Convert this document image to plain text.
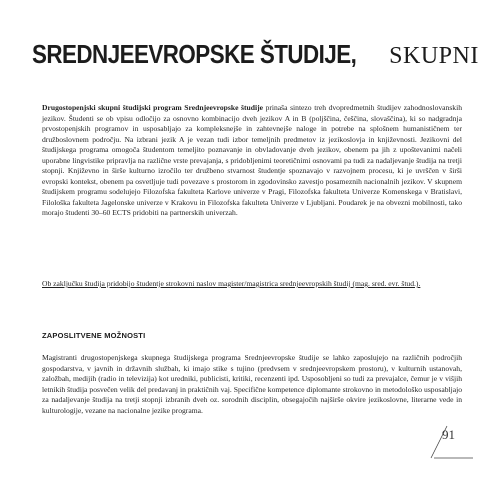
SREDNJEEVROPSKE ŠTUDIJE, SKUPNI
Drugostopenjski skupni študijski program Srednjeevropske študije prinaša sintezo treh dvopredmetnih študijev zahodnoslovanskih jezikov. Študenti se ob vpisu odločijo za osnovno kombinacijo dveh jezikov A in B (poljščina, češčina, slovaščina), ki so nadgradnja prvostopenjskih programov in usposabljajo za kompleksnejše in zahtevnejše naloge in potrebe na splošnem humanističnem ter družboslovnem področju. Na izbrani jezik A je vezan tudi izbor temeljnih predmetov iz jezikoslovja in književnosti. Jezikovni del študijskega programa omogoča študentom temeljito poznavanje in obvladovanje dveh jezikov, obenem pa jih z upoštevanimi načeli uporabne lingvistike pripravlja na različne vrste prevajanja, s pridobljenimi teoretičnimi osnovami pa tudi za nadaljevanje študija na tretji stopnji. Književno in širše kulturno izročilo ter družbeno stvarnost študentje spoznavajo v razvojnem procesu, ki je uvrščen v širši evropski kontekst, obenem pa osvetljuje tudi povezave s prostorom in zgodovinsko zavestjo posameznih nacionalnih jezikov. V skupnem študijskem programu sodelujejo Filozofska fakulteta Karlove univerze v Pragi, Filozofska fakulteta Univerze Komenskega v Bratislavi, Filološka fakulteta Jagelonske univerze v Krakovu in Filozofska fakulteta Univerze v Ljubljani. Poudarek je na obvezni mobilnosti, tako morajo študenti 30–60 ECTS pridobiti na partnerskih univerzah.
Ob zaključku študija pridobijo študentje strokovni naslov magister/magistrica srednjeevropskih študij (mag. sred. evr. štud.).
ZAPOSLITVENE MOŽNOSTI
Magistranti drugostopenjskega skupnega študijskega programa Srednjeevropske študije se lahko zaposlujejo na različnih področjih gospodarstva, v javnih in državnih službah, ki imajo stike s tujino (predvsem v srednjeevropskem prostoru), v kulturnih ustanovah, založbah, medijih (radio in televizija) kot uredniki, publicisti, kritiki, recenzenti ipd. Usposobljeni so tudi za prevajalce, čemur je v višjih letnikih študija posvečen velik del predavanj in praktičnih vaj. Specifične kompetence diplomante strokovno in metodološko usposabljajo za nadaljevanje študija na tretji stopnji izbranih dveh oz. sorodnih disciplin, obsegajočih najširše okvire jezikoslovne, literarne vede in kulturologije, vezane na nacionalne jezike programa.
91
